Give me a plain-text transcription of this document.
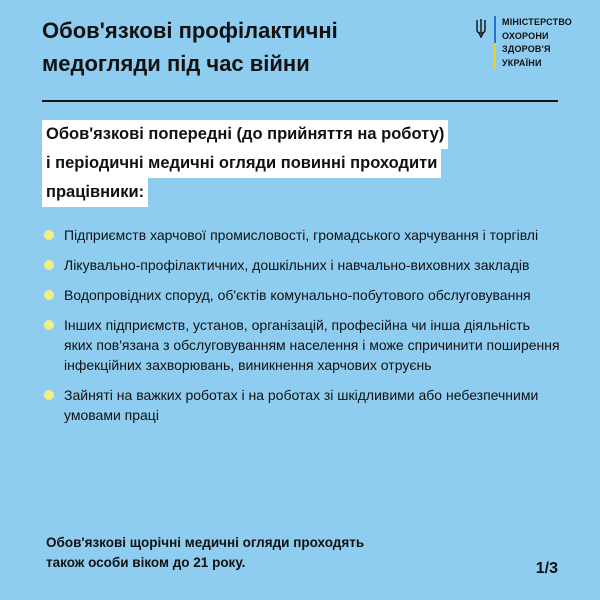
Обов'язкові профілактичні
медогляди під час війни
МІНІСТЕРСТВО
ОХОРОНИ
ЗДОРОВ'Я
УКРАЇНИ
Обов'язкові попередні (до прийняття на роботу)
і періодичні медичні огляди повинні проходити
працівники:
Підприємств харчової промисловості, громадського харчування і торгівлі
Лікувально-профілактичних, дошкільних і навчально-виховних закладів
Водопровідних споруд, об'єктів комунально-побутового обслуговування
Інших підприємств, установ, організацій, професійна чи інша діяльність яких пов'язана з обслуговуванням населення і може спричинити поширення інфекційних захворювань, виникнення харчових отруєнь
Зайняті на важких роботах і на роботах зі шкідливими або небезпечними умовами праці

Обов'язкові щорічні медичні огляди проходять також особи віком до 21 року.	1/3
